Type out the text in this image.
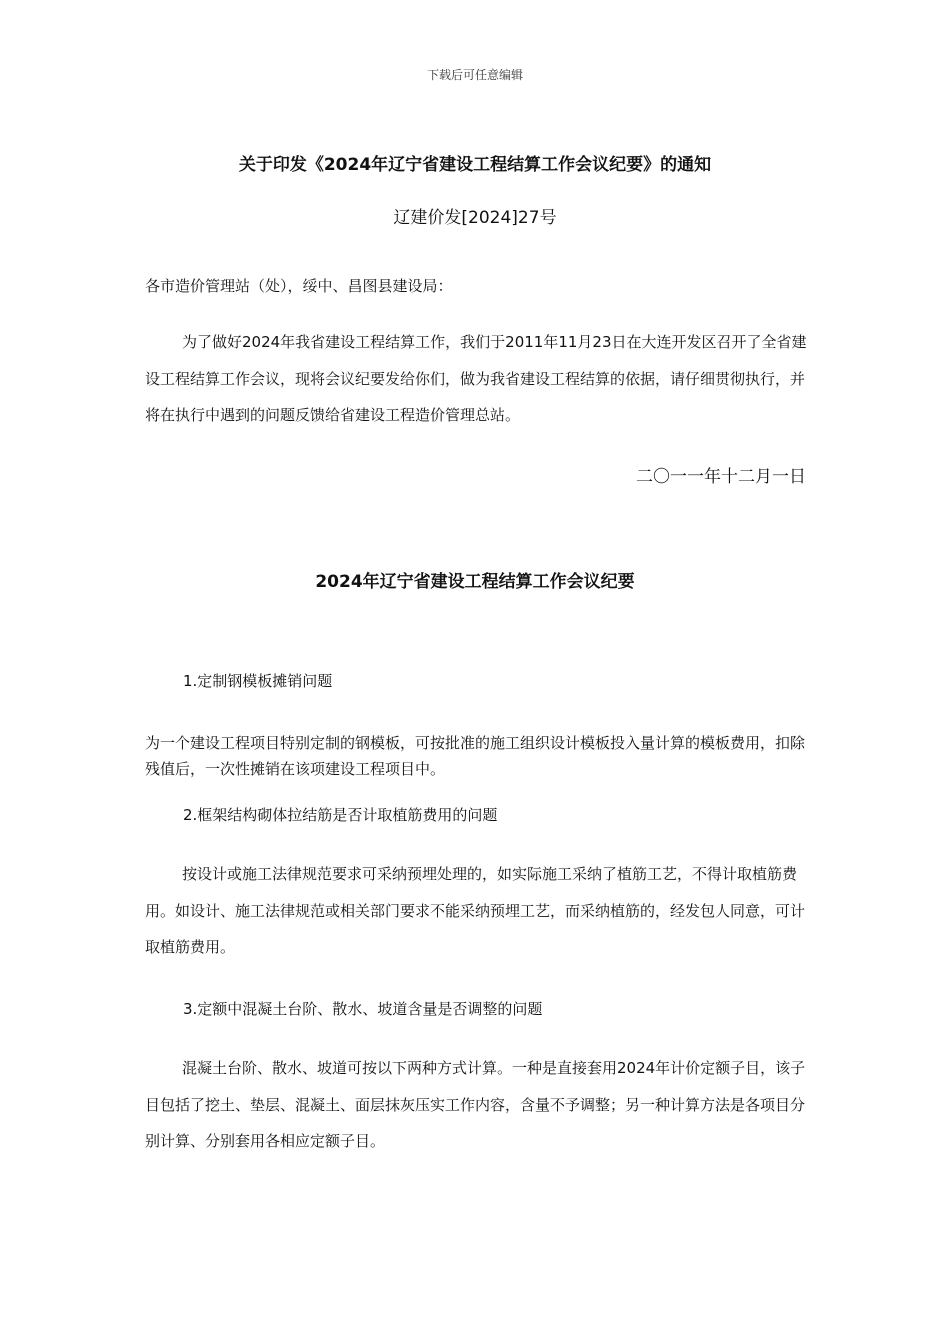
下载后可任意编辑
关于印发《2024年辽宁省建设工程结算工作会议纪要》的通知
辽建价发[2024]27号

各市造价管理站（处），绥中、昌图县建设局：

为了做好2024年我省建设工程结算工作，我们于2011年11月23日在大连开发区召开了全省建设工程结算工作会议，现将会议纪要发给你们，做为我省建设工程结算的依据，请仔细贯彻执行，并将在执行中遇到的问题反馈给省建设工程造价管理总站。

二〇一一年十二月一日
2024年辽宁省建设工程结算工作会议纪要
1.定制钢模板摊销问题

为一个建设工程项目特别定制的钢模板，可按批准的施工组织设计模板投入量计算的模板费用，扣除残值后，一次性摊销在该项建设工程项目中。

2.框架结构砌体拉结筋是否计取植筋费用的问题

按设计或施工法律规范要求可采纳预埋处理的，如实际施工采纳了植筋工艺，不得计取植筋费用。如设计、施工法律规范或相关部门要求不能采纳预埋工艺，而采纳植筋的，经发包人同意，可计取植筋费用。

3.定额中混凝土台阶、散水、坡道含量是否调整的问题

混凝土台阶、散水、坡道可按以下两种方式计算。一种是直接套用2024年计价定额子目，该子目包括了挖土、垫层、混凝土、面层抹灰压实工作内容，含量不予调整；另一种计算方法是各项目分别计算、分别套用各相应定额子目。
